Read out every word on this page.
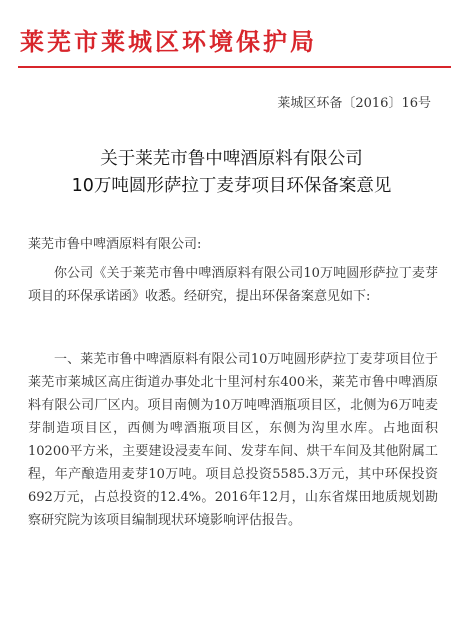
莱芜市莱城区环境保护局
莱城区环备〔2016〕16号
关于莱芜市鲁中啤酒原料有限公司
10万吨圆形萨拉丁麦芽项目环保备案意见
莱芜市鲁中啤酒原料有限公司:
你公司《关于莱芜市鲁中啤酒原料有限公司10万吨圆形萨拉丁麦芽项目的环保承诺函》收悉。经研究，提出环保备案意见如下:
一、莱芜市鲁中啤酒原料有限公司10万吨圆形萨拉丁麦芽项目位于莱芜市莱城区高庄街道办事处北十里河村东400米，莱芜市鲁中啤酒原料有限公司厂区内。项目南侧为10万吨啤酒瓶项目区，北侧为6万吨麦芽制造项目区，西侧为啤酒瓶项目区，东侧为沟里水库。占地面积10200平方米，主要建设浸麦车间、发芽车间、烘干车间及其他附属工程，年产酿造用麦芽10万吨。项目总投资5585.3万元，其中环保投资692万元，占总投资的12.4%。2016年12月，山东省煤田地质规划勘察研究院为该项目编制现状环境影响评估报告。
